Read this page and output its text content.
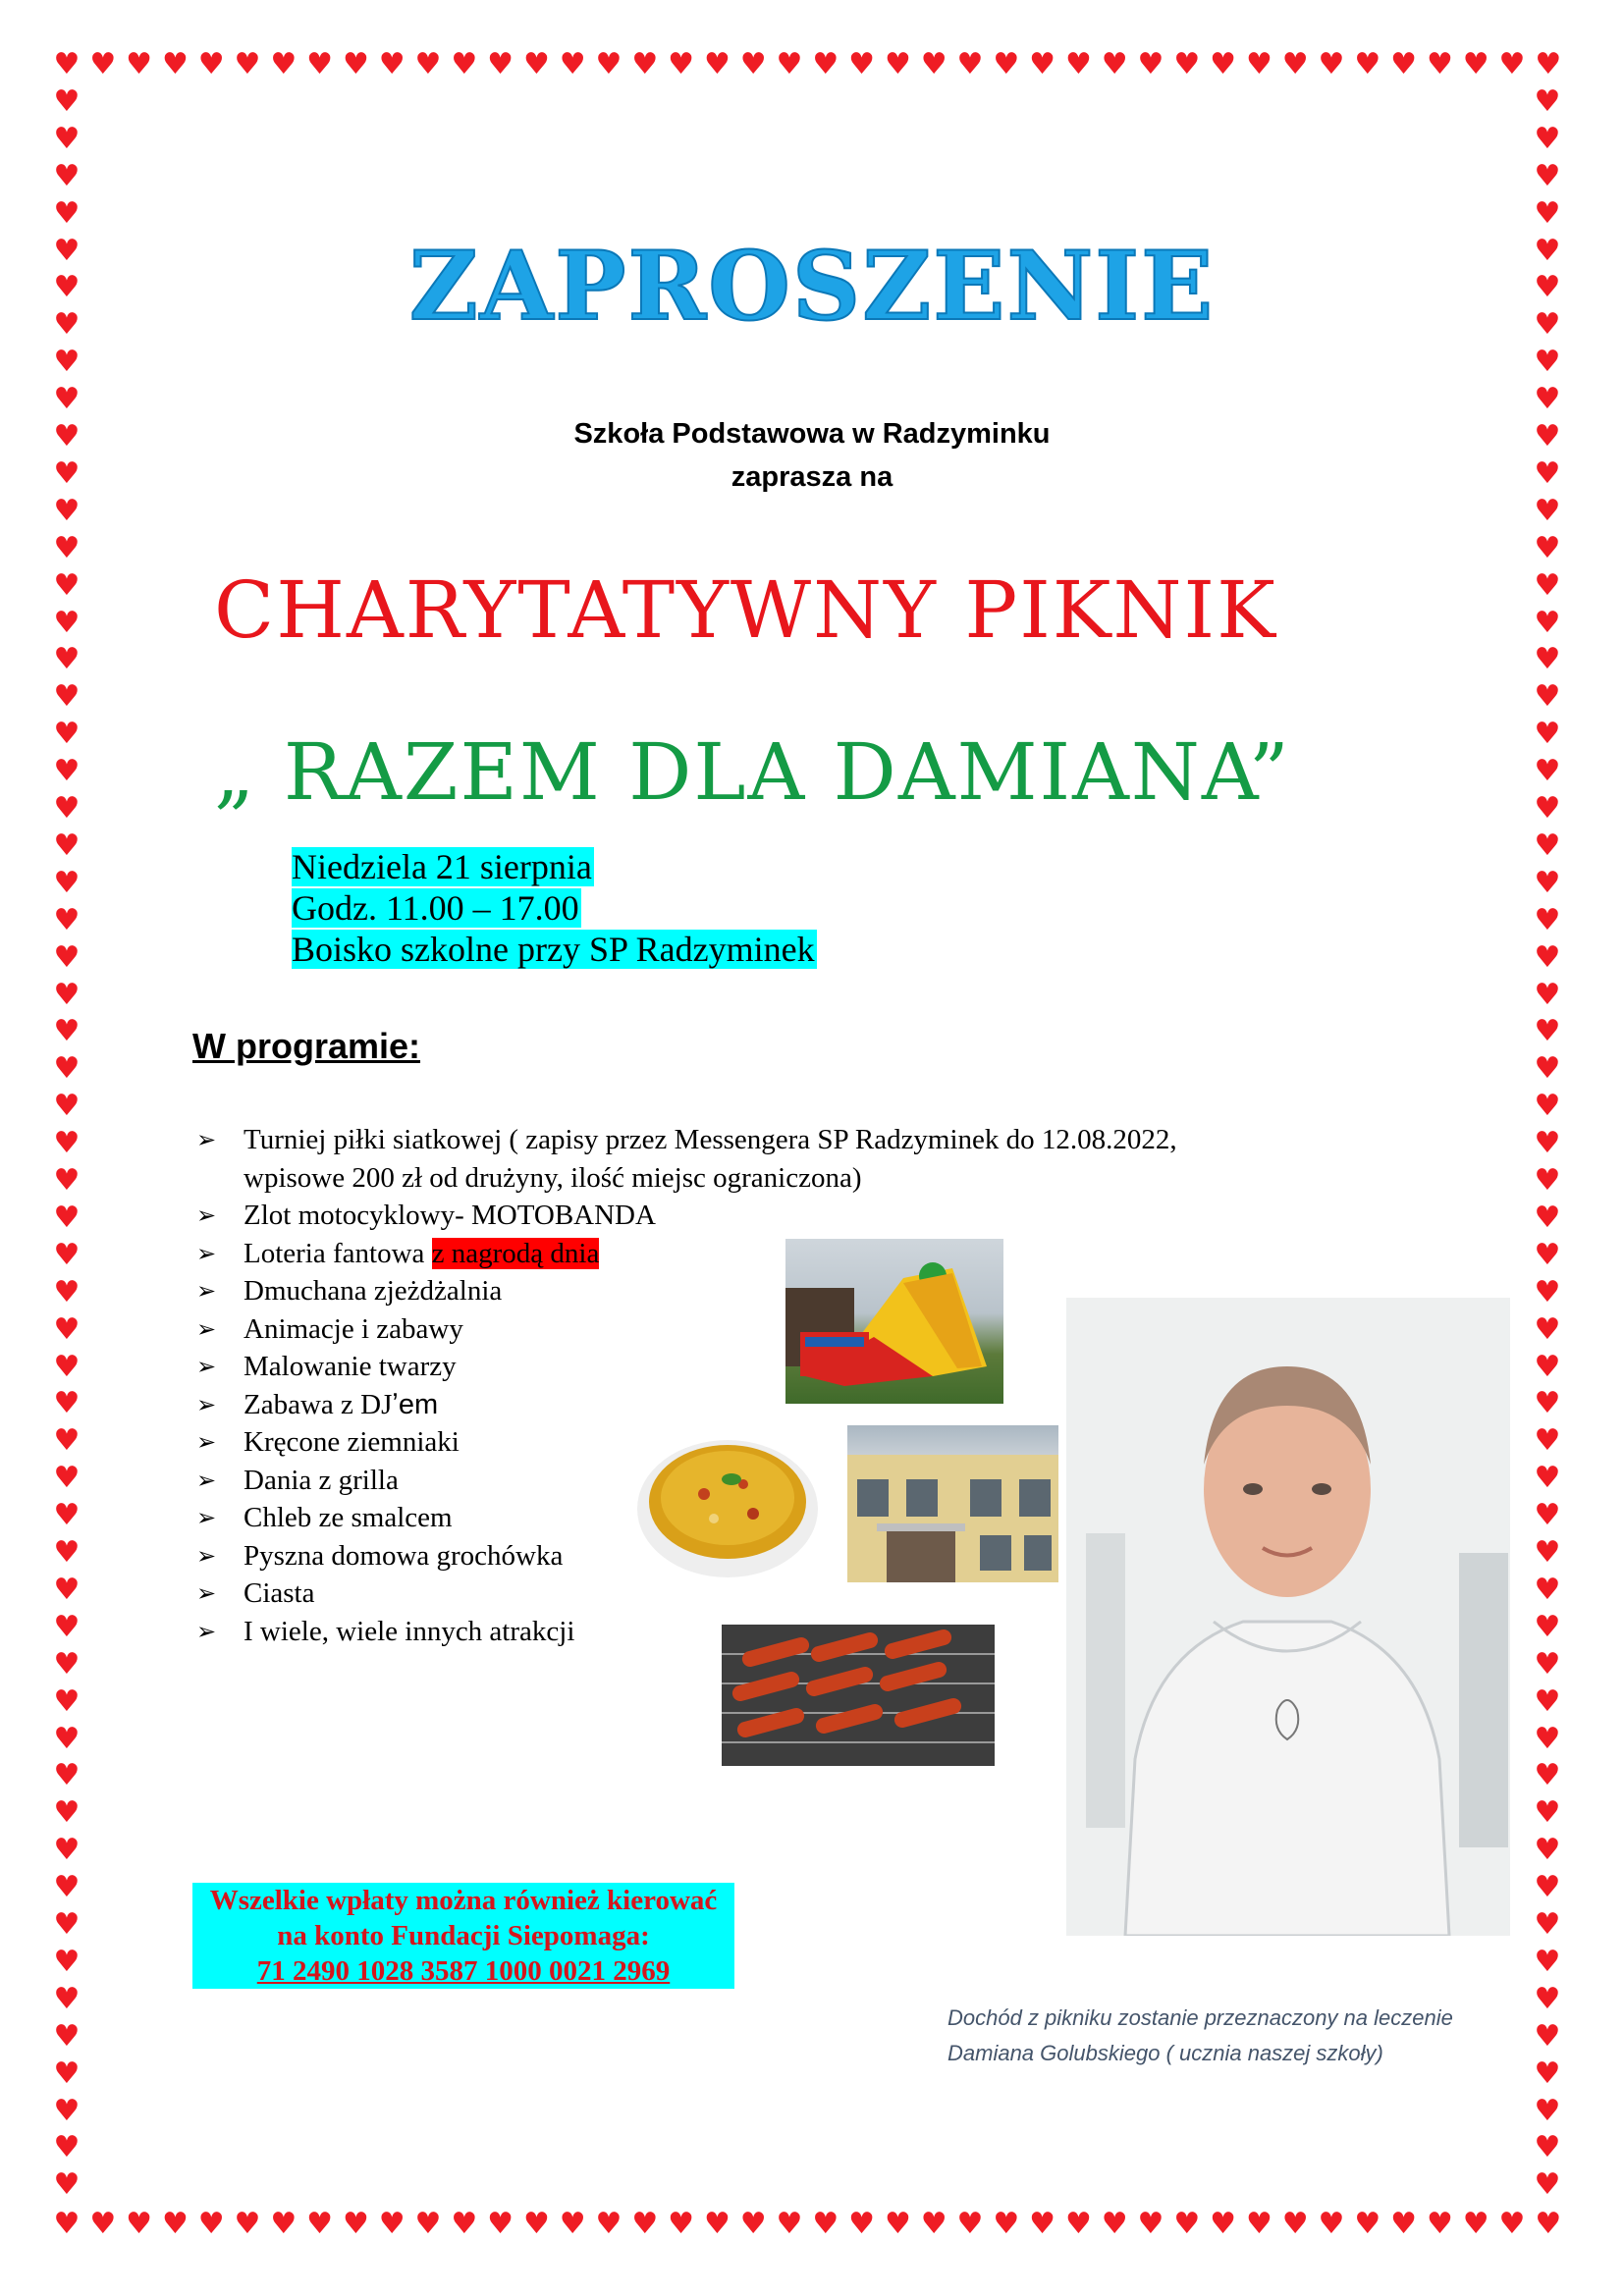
♥
♥
♥
♥
♥
♥
♥
♥
♥
♥
♥
♥
♥
♥
♥
♥
♥
♥
♥
♥
♥
♥
♥
♥
♥
♥
♥
♥
♥
♥
♥
♥
♥
♥
♥
♥
♥
♥
♥
♥
♥
♥
♥
♥
♥
♥
♥
♥
♥
♥
♥
♥
♥
♥
♥
♥
♥
♥
♥
♥
♥
♥
♥
♥
♥
♥
♥
♥
♥
♥
♥
♥
♥
♥
♥
♥
♥
♥
♥
♥
♥
♥
♥
♥
♥	♥
♥	♥
♥	♥
♥	♥
♥	♥
♥	♥
♥	♥
♥	♥
♥	♥
♥	♥
♥	♥
♥	♥
♥	♥
♥	♥
♥	♥
♥	♥
♥	♥
♥	♥
♥	♥
♥	♥
♥	♥
♥	♥
♥	♥
♥	♥
♥	♥
♥	♥
♥	♥
♥	♥
♥	♥
♥	♥
♥	♥
♥	♥
♥	♥
♥	♥
♥	♥
♥	♥
♥	♥
♥	♥
♥	♥
♥	♥
♥	♥
♥	♥
♥	♥
♥	♥
♥	♥
♥	♥
♥	♥
♥	♥
♥	♥
♥	♥
♥	♥
♥	♥
♥	♥
♥	♥
♥	♥
♥	♥
♥	♥
ZAPROSZENIE
Szkoła Podstawowa w Radzyminku
zaprasza na
CHARYTATYWNY PIKNIK
„ RAZEM DLA DAMIANA”
Niedziela 21 sierpnia
Godz. 11.00 – 17.00
Boisko szkolne przy SP Radzyminek
W programie:
➢ Turniej piłki siatkowej ( zapisy przez Messengera SP Radzyminek do 12.08.2022,
wpisowe 200 zł od drużyny, ilość miejsc ograniczona)
➢ Zlot motocyklowy- MOTOBANDA
➢ Loteria fantowa z nagrodą dnia
➢ Dmuchana zjeżdżalnia
➢ Animacje i zabawy
➢ Malowanie twarzy
➢ Zabawa z DJʼem
➢ Kręcone ziemniaki
➢ Dania z grilla
➢ Chleb ze smalcem
➢ Pyszna domowa grochówka
➢ Ciasta
➢ I wiele, wiele innych atrakcji
Wszelkie wpłaty można również kierować
na konto Fundacji Siepomaga:
71 2490 1028 3587 1000 0021 2969
Dochód z pikniku zostanie przeznaczony na leczenie
Damiana Golubskiego ( ucznia naszej szkoły)
